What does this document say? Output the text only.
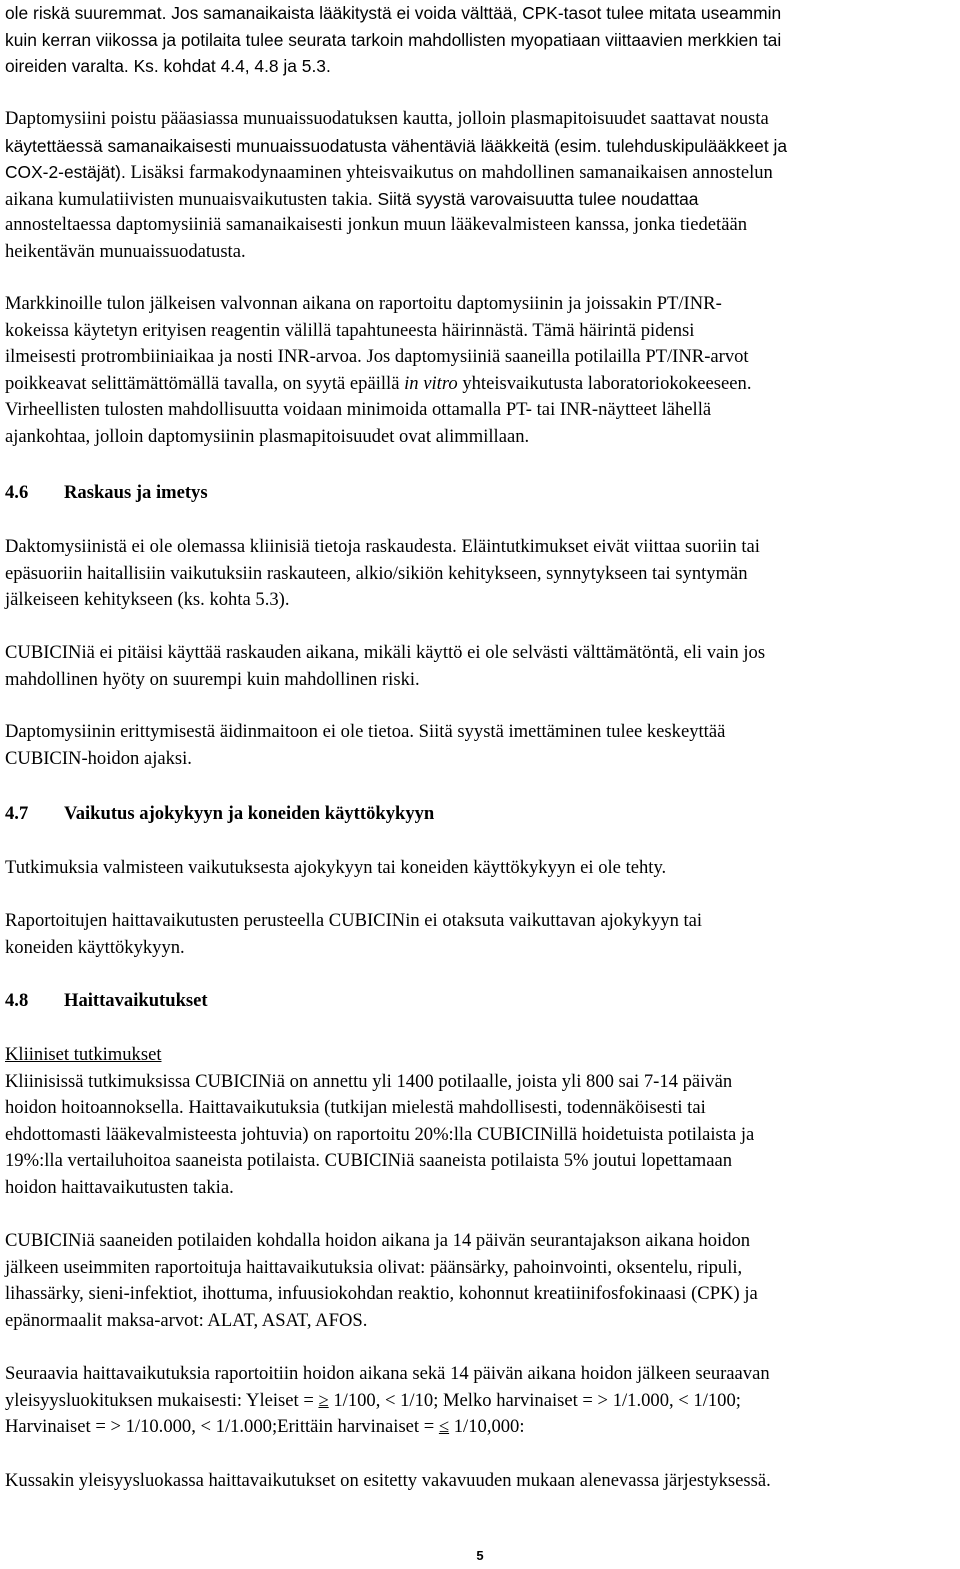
ole riskä suuremmat. Jos samanaikaista lääkitystä ei voida välttää, CPK-tasot tulee mitata useammin
kuin kerran viikossa ja potilaita tulee seurata tarkoin mahdollisten myopatiaan viittaavien merkkien tai
oireiden varalta. Ks. kohdat 4.4, 4.8 ja 5.3.
Daptomysiini poistu pääasiassa munuaissuodatuksen kautta, jolloin plasmapitoisuudet saattavat nousta
käytettäessä samanaikaisesti munuaissuodatusta vähentäviä lääkkeitä (esim. tulehduskipulääkkeet ja
COX-2-estäjät). Lisäksi farmakodynaaminen yhteisvaikutus on mahdollinen samanaikaisen annostelun
aikana kumulatiivisten munuaisvaikutusten takia. Siitä syystä varovaisuutta tulee noudattaa
annosteltaessa daptomysiiniä samanaikaisesti jonkun muun lääkevalmisteen kanssa, jonka tiedetään
heikentävän munuaissuodatusta.
Markkinoille tulon jälkeisen valvonnan aikana on raportoitu daptomysiinin ja joissakin PT/INR-
kokeissa käytetyn erityisen reagentin välillä tapahtuneesta häirinnästä. Tämä häirintä pidensi
ilmeisesti protrombiiniaikaa ja nosti INR-arvoa. Jos daptomysiiniä saaneilla potilailla PT/INR-arvot
poikkeavat selittämättömällä tavalla, on syytä epäillä in vitro yhteisvaikutusta laboratoriokokeeseen.
Virheellisten tulosten mahdollisuutta voidaan minimoida ottamalla PT- tai INR-näytteet lähellä
ajankohtaa, jolloin daptomysiinin plasmapitoisuudet ovat alimmillaan.
4.6 Raskaus ja imetys
Daktomysiinistä ei ole olemassa kliinisiä tietoja raskaudesta. Eläintutkimukset eivät viittaa suoriin tai
epäsuoriin haitallisiin vaikutuksiin raskauteen, alkio/sikiön kehitykseen, synnytykseen tai syntymän
jälkeiseen kehitykseen (ks. kohta 5.3).
CUBICINiä ei pitäisi käyttää raskauden aikana, mikäli käyttö ei ole selvästi välttämätöntä, eli vain jos
mahdollinen hyöty on suurempi kuin mahdollinen riski.
Daptomysiinin erittymisestä äidinmaitoon ei ole tietoa. Siitä syystä imettäminen tulee keskeyttää
CUBICIN-hoidon ajaksi.
4.7 Vaikutus ajokykyyn ja koneiden käyttökykyyn
Tutkimuksia valmisteen vaikutuksesta ajokykyyn tai koneiden käyttökykyyn ei ole tehty.
Raportoitujen haittavaikutusten perusteella CUBICINin ei otaksuta vaikuttavan ajokykyyn tai
koneiden käyttökykyyn.
4.8 Haittavaikutukset
Kliiniset tutkimukset
Kliinisissä tutkimuksissa CUBICINiä on annettu yli 1400 potilaalle, joista yli 800 sai 7-14 päivän
hoidon hoitoannoksella. Haittavaikutuksia (tutkijan mielestä mahdollisesti, todennäköisesti tai
ehdottomasti lääkevalmisteesta johtuvia) on raportoitu 20%:lla CUBICINillä hoidetuista potilaista ja
19%:lla vertailuhoitoa saaneista potilaista. CUBICINiä saaneista potilaista 5% joutui lopettamaan
hoidon haittavaikutusten takia.
CUBICINiä saaneiden potilaiden kohdalla hoidon aikana ja 14 päivän seurantajakson aikana hoidon
jälkeen useimmiten raportoituja haittavaikutuksia olivat: päänsärky, pahoinvointi, oksentelu, ripuli,
lihassärky, sieni-infektiot, ihottuma, infuusiokohdan reaktio, kohonnut kreatiinifosfokinaasi (CPK) ja
epänormaalit maksa-arvot: ALAT, ASAT, AFOS.
Seuraavia haittavaikutuksia raportoitiin hoidon aikana sekä 14 päivän aikana hoidon jälkeen seuraavan
yleisyysluokituksen mukaisesti: Yleiset = ≥ 1/100, < 1/10; Melko harvinaiset = > 1/1.000, < 1/100;
Harvinaiset = > 1/10.000, < 1/1.000;Erittäin harvinaiset = ≤ 1/10,000:
Kussakin yleisyysluokassa haittavaikutukset on esitetty vakavuuden mukaan alenevassa järjestyksessä.
5
